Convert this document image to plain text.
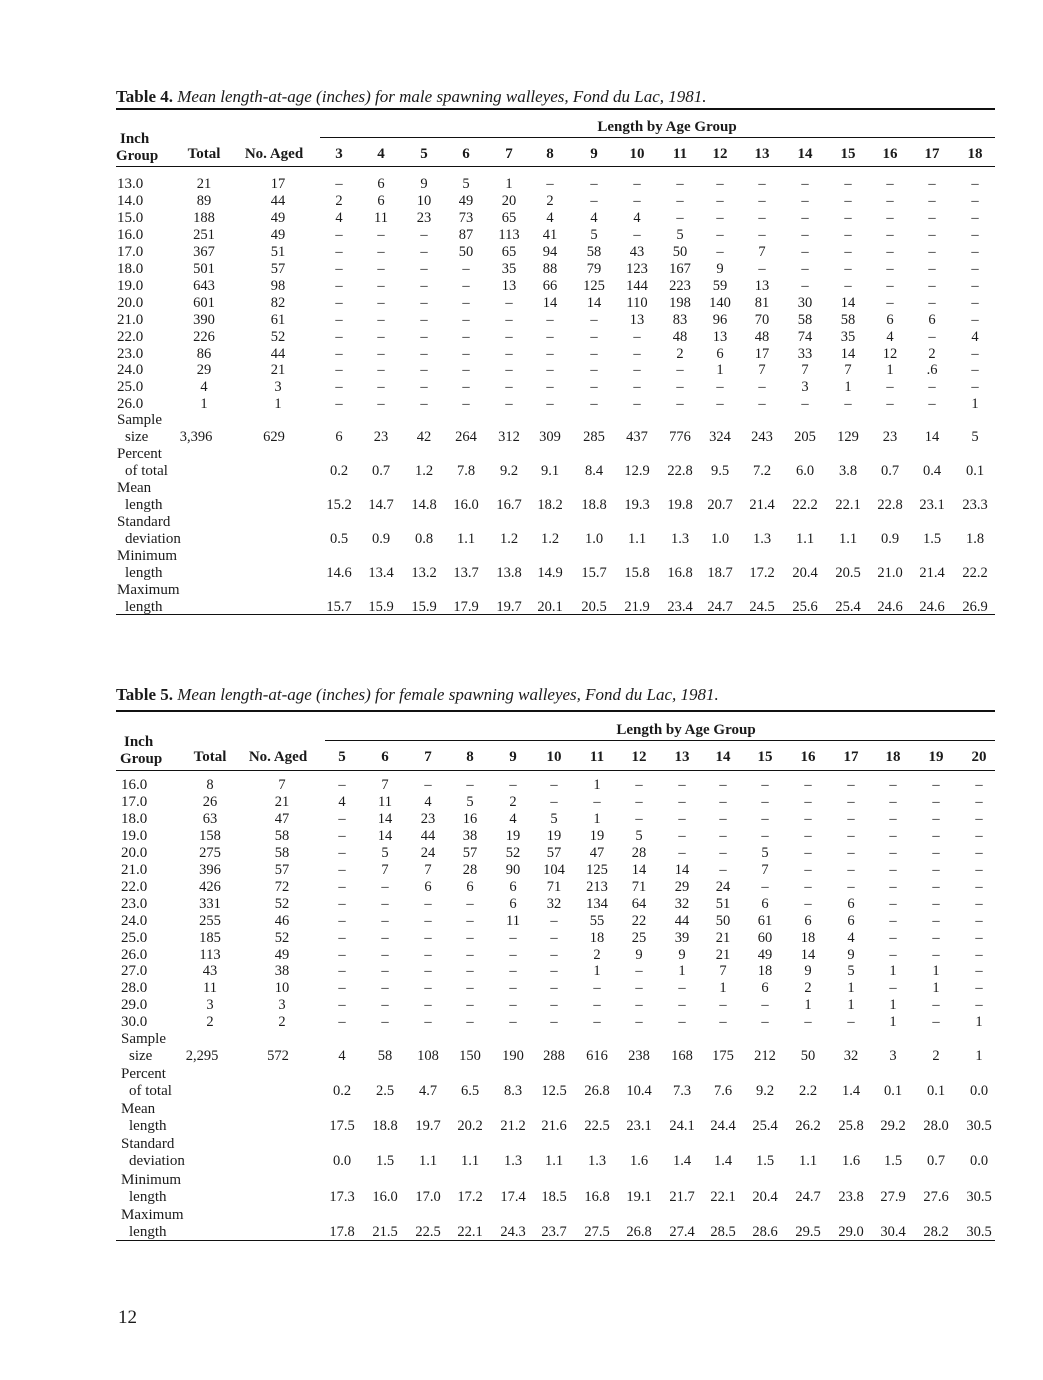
Table 4. Mean length-at-age (inches) for male spawning walleyes, Fond du Lac, 1981.
Length by Age Group
Inch
Group Total No. Aged 3 4 5 6 7 8 9 10 11 12 13 14 15 16 17 18
13.0	21	17	– 6 9 5 1 –	– – – – – – – – – –
14.0	89	44	2 6 10 49 20 2	– – – – – – – – – –
15.0	188	49	4 11 23 73 65 4	4 4 – – – – – – – –
16.0	251	49	– – – 87 113 41 5 – 5 – – – – – – –
17.0	367	51	– – – 50 65 94 58 43 50 – 7 – – – – –
18.0	501	57	– – – – 35 88 79 123 167 9 – – – – – –
19.0	643	98	– – – – 13 66 125 144 223 59 13 – – – – –
20.0	601	82	– – – – – 14 14 110 198 140 81 30 14 – – –
21.0	390	61	– – – – – –	– 13 83 96 70 58 58 6 6 –
22.0	226	52	– – – – – –	– – 48 13 48 74 35 4 – 4
23.0	86	44	– – – – – –	– – 2 6 17 33 14 12 2 –
24.0	29	21	– – – – – –	– – – 1 7 7 7 1 .6 –
25.0	4	3	– – – – – –	– – – – – 3 1 – – –
26.0	1	1	– – – – – –	– – – – – – – – – 1
Sample
size 3,396	629	6 23 42 264 312 309 285 437 776 324 243 205 129 23 14 5
Percent
of total	0.2 0.7 1.2 7.8 9.2 9.1 8.4 12.9 22.8 9.5 7.2 6.0 3.8 0.7 0.4 0.1
Mean
length	15.2 14.7 14.8 16.0 16.7 18.2 18.8 19.3 19.8 20.7 21.4 22.2 22.1 22.8 23.1 23.3
Standard
deviation	0.5 0.9 0.8 1.1 1.2 1.2 1.0 1.1 1.3 1.0 1.3 1.1 1.1 0.9 1.5 1.8
Minimum
length	14.6 13.4 13.2 13.7 13.8 14.9 15.7 15.8 16.8 18.7 17.2 20.4 20.5 21.0 21.4 22.2
Maximum
length	15.7 15.9 15.9 17.9 19.7 20.1 20.5 21.9 23.4 24.7 24.5 25.6 25.4 24.6 24.6 26.9
Table 5. Mean length-at-age (inches) for female spawning walleyes, Fond du Lac, 1981.
Length by Age Group
Inch
Group Total No. Aged 5 6 7 8 9 10 11 12 13 14 15 16 17 18 19 20
16.0	8	7	– 7 – – – – 1 – – – – – – – – –
17.0	26	21	4 11 4 5 2 – – – – – – – – – – –
18.0	63	47	– 14 23 16 4 5 1 – – – – – – – – –
19.0	158	58	– 14 44 38 19 19 19 5 – – – – – – – –
20.0	275	58	– 5 24 57 52 57 47 28 – – 5 – – – – –
21.0	396	57	– 7 7 28 90 104 125 14 14 – 7 – – – – –
22.0	426	72	– – 6 6 6 71 213 71 29 24 – – – – – –
23.0	331	52	– – – – 6 32 134 64 32 51 6 – 6 – – –
24.0	255	46	– – – – 11 – 55 22 44 50 61 6 6 – – –
25.0	185	52	– – – – – – 18 25 39 21 60 18 4 – – –
26.0	113	49	– – – – – – 2 9 9 21 49 14 9 – – –
27.0	43	38	– – – – – – 1 – 1 7 18 9 5 1 1 –
28.0	11	10	– – – – – – – – – 1 6 2 1 – 1 –
29.0	3	3	– – – – – – – – – – – 1 1 1 – –
30.0	2	2	– – – – – – – – – – – – – 1 – 1
Sample
size 2,295	572	4 58 108 150 190 288 616 238 168 175 212 50 32 3 2 1
Percent
of total	0.2 2.5 4.7 6.5 8.3 12.5 26.8 10.4 7.3 7.6 9.2 2.2 1.4 0.1 0.1 0.0
Mean
length	17.5 18.8 19.7 20.2 21.2 21.6 22.5 23.1 24.1 24.4 25.4 26.2 25.8 29.2 28.0 30.5
Standard
deviation	0.0 1.5 1.1 1.1 1.3 1.1 1.3 1.6 1.4 1.4 1.5 1.1 1.6 1.5 0.7 0.0
Minimum
length	17.3 16.0 17.0 17.2 17.4 18.5 16.8 19.1 21.7 22.1 20.4 24.7 23.8 27.9 27.6 30.5
Maximum
length	17.8 21.5 22.5 22.1 24.3 23.7 27.5 26.8 27.4 28.5 28.6 29.5 29.0 30.4 28.2 30.5
12
